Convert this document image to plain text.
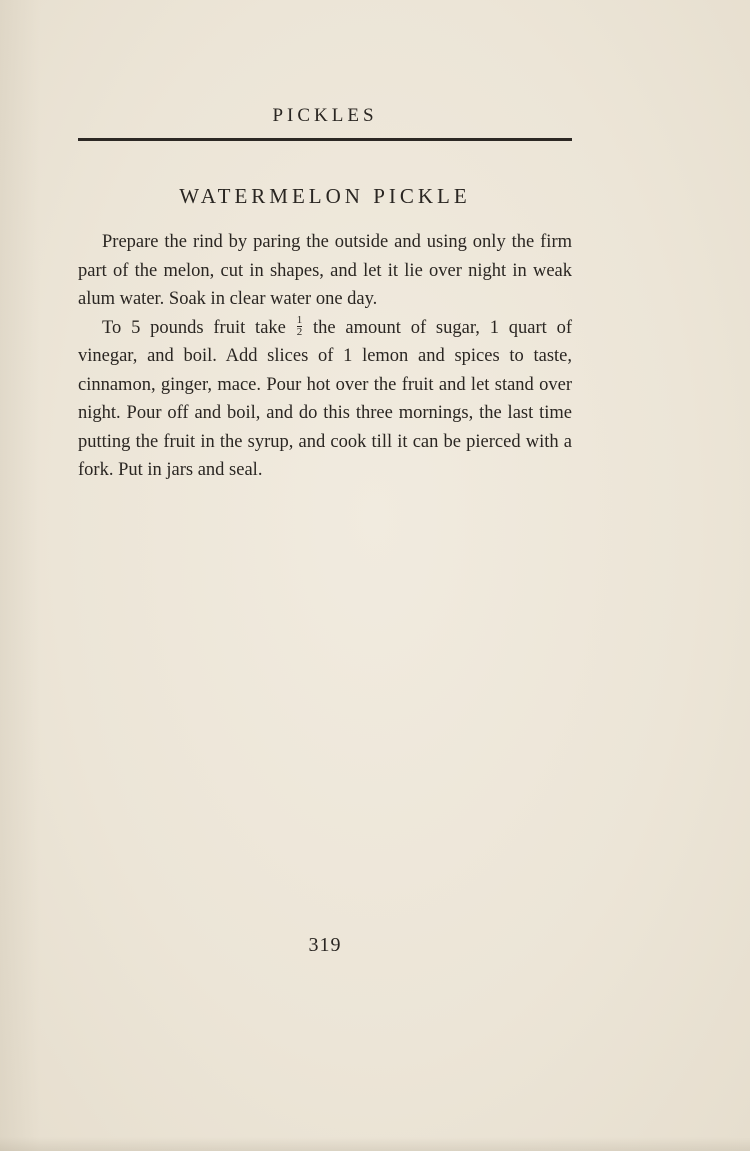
PICKLES
WATERMELON PICKLE

Prepare the rind by paring the outside and using only the firm part of the melon, cut in shapes, and let it lie over night in weak alum water. Soak in clear water one day.

To 5 pounds fruit take $\frac{1}{2}$ the amount of sugar, 1 quart of vinegar, and boil. Add slices of 1 lemon and spices to taste, cinnamon, ginger, mace. Pour hot over the fruit and let stand over night. Pour off and boil, and do this three mornings, the last time putting the fruit in the syrup, and cook till it can be pierced with a fork. Put in jars and seal.

319
